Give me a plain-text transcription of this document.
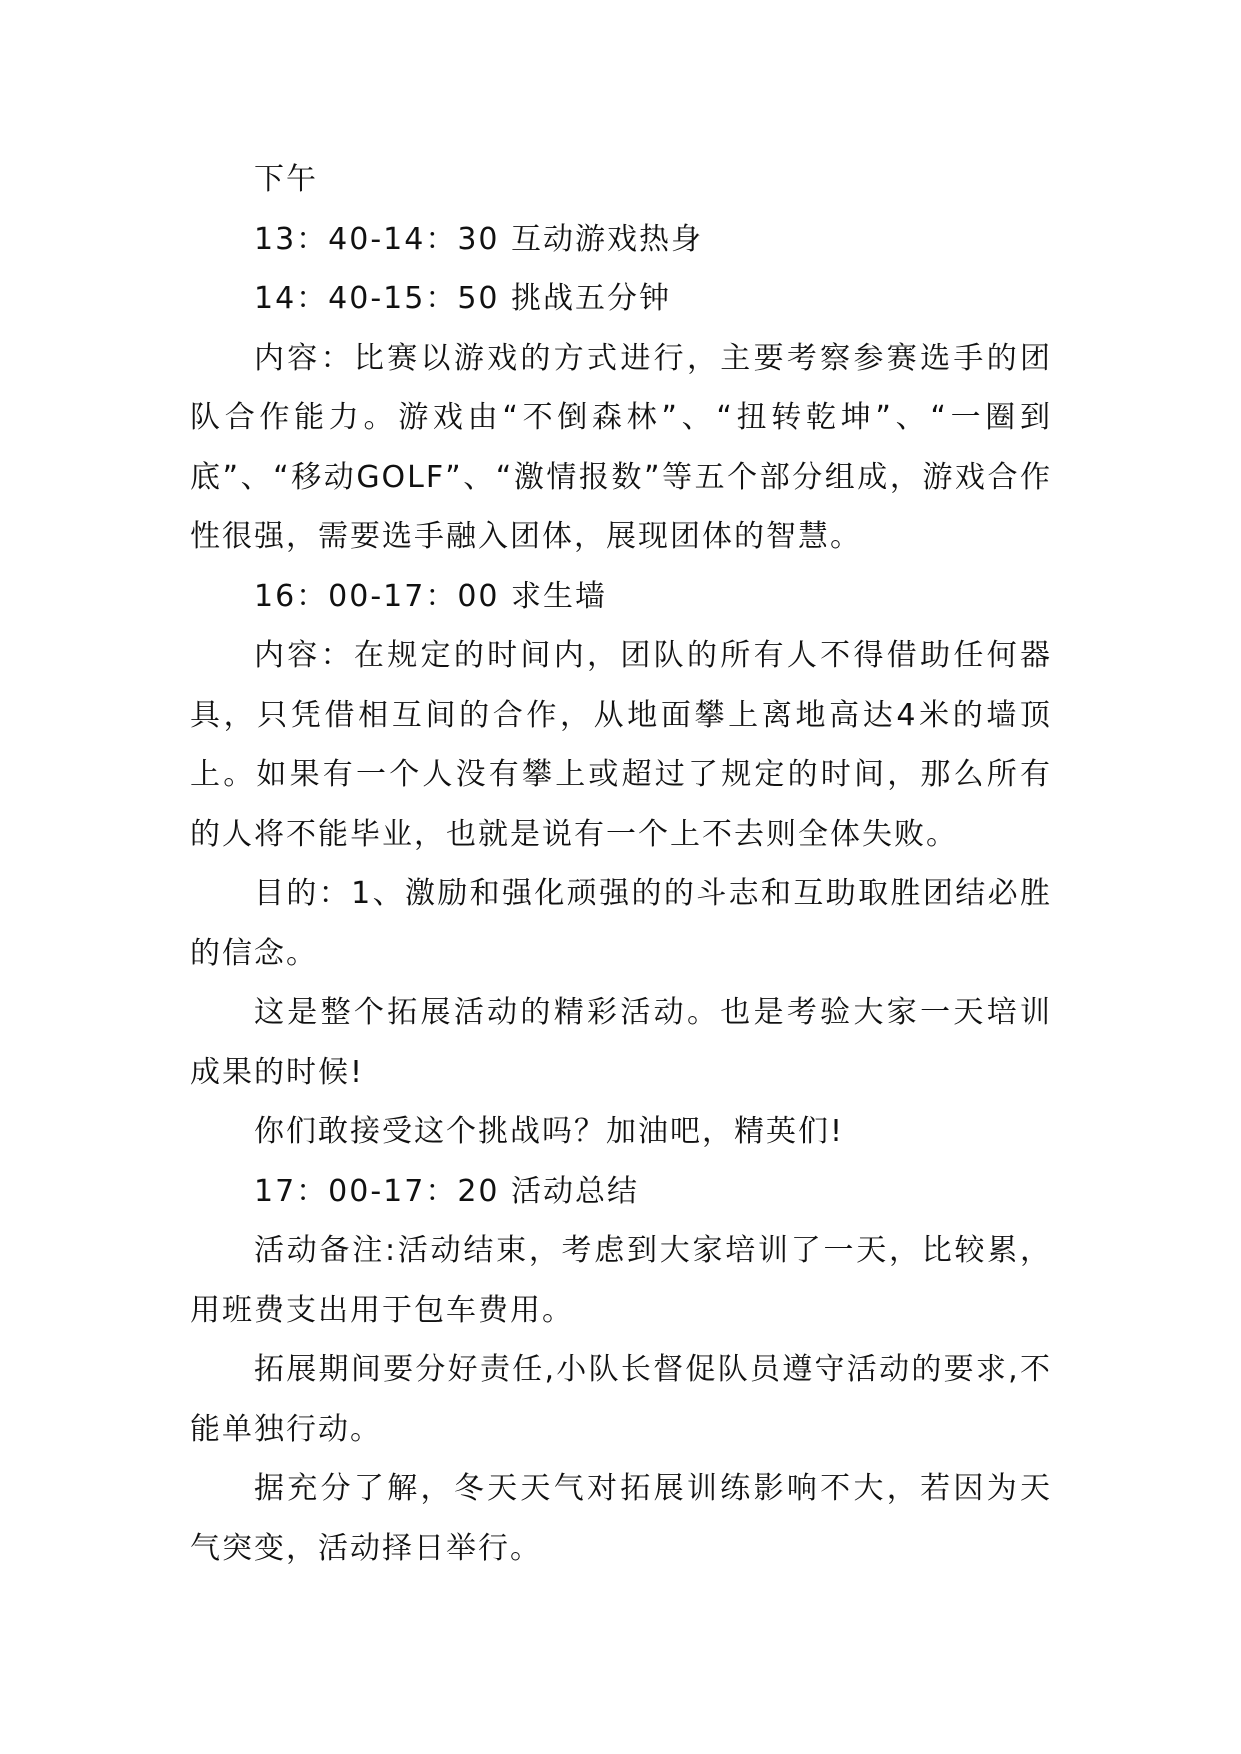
下午

13：40-14：30 互动游戏热身

14：40-15：50 挑战五分钟

内容：比赛以游戏的方式进行，主要考察参赛选手的团队合作能力。游戏由“不倒森林”、“扭转乾坤”、“一圈到底”、“移动GOLF”、“激情报数”等五个部分组成，游戏合作性很强，需要选手融入团体，展现团体的智慧。

16：00-17：00 求生墙

内容：在规定的时间内，团队的所有人不得借助任何器具，只凭借相互间的合作，从地面攀上离地高达4米的墙顶上。如果有一个人没有攀上或超过了规定的时间，那么所有的人将不能毕业，也就是说有一个上不去则全体失败。

目的：1、激励和强化顽强的的斗志和互助取胜团结必胜的信念。

这是整个拓展活动的精彩活动。也是考验大家一天培训成果的时候!

你们敢接受这个挑战吗？加油吧，精英们!

17：00-17：20 活动总结

活动备注:活动结束，考虑到大家培训了一天，比较累，用班费支出用于包车费用。

拓展期间要分好责任,小队长督促队员遵守活动的要求,不能单独行动。

据充分了解，冬天天气对拓展训练影响不大，若因为天气突变，活动择日举行。
